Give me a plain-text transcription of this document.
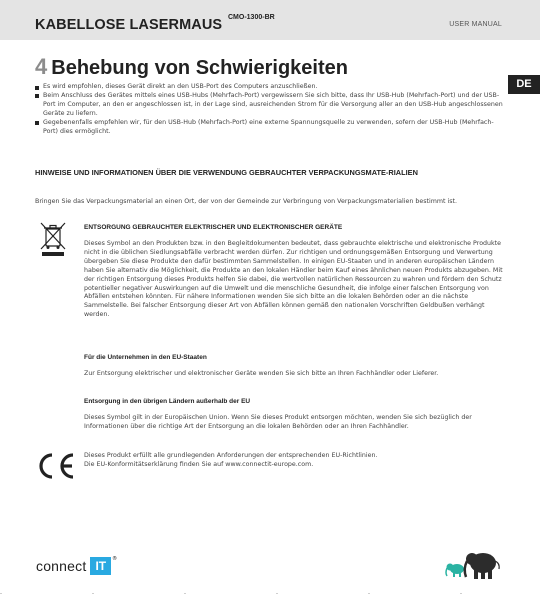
KABELLOSE LASERMAUS CMO-1300-BR
USER MANUAL
4 Behebung von Schwierigkeiten
DE
Es wird empfohlen, dieses Gerät direkt an den USB-Port des Computers anzuschließen.
Beim Anschluss des Gerätes mittels eines USB-Hubs (Mehrfach-Port) vergewissern Sie sich bitte, dass Ihr USB-Hub (Mehrfach-Port) und der USB-Port im Computer, an den er angeschlossen ist, in der Lage sind, ausreichenden Strom für die Versorgung aller an den USB-Hub angeschlossenen Geräte zu liefern.
Gegebenenfalls empfehlen wir, für den USB-Hub (Mehrfach-Port) eine externe Spannungsquelle zu verwenden, sofern der USB-Hub (Mehrfach-Port) dies ermöglicht.
HINWEISE UND INFORMATIONEN ÜBER DIE VERWENDUNG GEBRAUCHTER VERPACKUNGSMATE-RIALIEN
Bringen Sie das Verpackungsmaterial an einen Ort, der von der Gemeinde zur Verbringung von Verpackungsmaterialien bestimmt ist.
ENTSORGUNG GEBRAUCHTER ELEKTRISCHER UND ELEKTRONISCHER GERÄTE
Dieses Symbol an den Produkten bzw. in den Begleitdokumenten bedeutet, dass gebrauchte elektrische und elektronische Produkte nicht in die üblichen Siedlungsabfälle verbracht werden dürfen. Zur richtigen und ordnungsgemäßen Entsorgung und Verwertung übergeben Sie diese Produkte den dafür bestimmten Sammelstellen. In einigen EU-Staaten und in anderen europäischen Ländern haben Sie alternativ die Möglichkeit, die Produkte an den lokalen Händler beim Kauf eines ähnlichen neuen Produkts abzugeben. Mit der richtigen Entsorgung dieses Produkts helfen Sie dabei, die wertvollen natürlichen Ressourcen zu wahren und fördern den Schutz potentieller negativer Auswirkungen auf die Umwelt und die menschliche Gesundheit, die infolge einer falschen Entsorgung von Abfällen entstehen könnten. Für nähere Informationen wenden Sie sich bitte an die lokalen Behörden oder an die nächste Sammelstelle. Bei falscher Entsorgung dieser Art von Abfällen können gemäß den nationalen Vorschriften Geldbußen verhängt werden.
Für die Unternehmen in den EU-Staaten
Zur Entsorgung elektrischer und elektronischer Geräte wenden Sie sich bitte an Ihren Fachhändler oder Lieferer.
Entsorgung in den übrigen Ländern außerhalb der EU
Dieses Symbol gilt in der Europäischen Union. Wenn Sie dieses Produkt entsorgen möchten, wenden Sie sich bezüglich der Informationen über die richtige Art der Entsorgung an die lokalen Behörden oder an Ihren Fachhändler.
Dieses Produkt erfüllt alle grundlegenden Anforderungen der entsprechenden EU-Richtlinien.
Die EU-Konformitätserklärung finden Sie auf www.connectit-europe.com.
connect IT	®
